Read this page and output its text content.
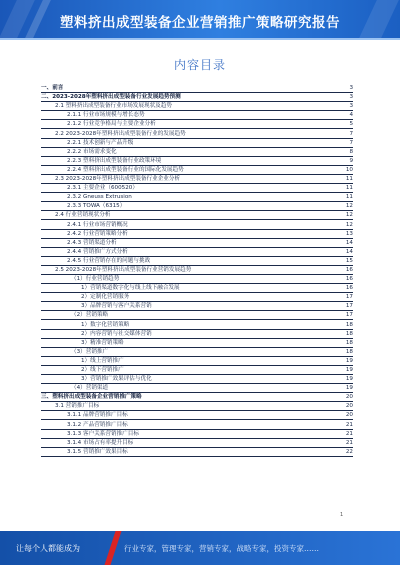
塑料挤出成型装备企业营销推广策略研究报告
内容目录
一、前言	3
二、2023-2028年塑料挤出成型装备行业发展趋势预测	3
2.1 塑料挤出成型装备行业市场发展现状及趋势	3
2.1.1 行业市场规模与增长态势	4
2.1.2 行业竞争格局与主要企业分析	5
2.2 2023-2028年塑料挤出成型装备行业的发展趋势	7
2.2.1 技术创新与产品升级	7
2.2.2 市场需求变化	8
2.2.3 塑料挤出成型装备行业政策环境	9
2.2.4 塑料挤出成型装备行业的国际化发展趋势	10
2.3 2023-2028年塑料挤出成型装备行业企业分析	11
2.3.1 主要企业（600520）	11
2.3.2 Gneuss Extrusion	11
2.3.3 TOWA（6315）	12
2.4 行业营销现状分析	12
2.4.1 行业市场营销概况	12
2.4.2 行业营销策略分析	13
2.4.3 营销渠道分析	14
2.4.4 营销推广方式分析	14
2.4.5 行业营销存在的问题与挑战	15
2.5 2023-2028年塑料挤出成型装备行业营销发展趋势	16
（1）行业营销趋势	16
1）营销渠道数字化与线上线下融合发展	16
2）定制化营销服务	17
3）品牌营销与客户关系营销	17
（2）营销策略	17
1）数字化营销策略	18
2）内容营销与社交媒体营销	18
3）精准营销策略	18
（3）营销推广	18
1）线上营销推广	19
2）线下营销推广	19
3）营销推广效果评估与优化	19
（4）营销渠道	19
三、塑料挤出成型装备企业营销推广策略	20
3.1 营销推广目标	20
3.1.1 品牌营销推广目标	20
3.1.2 产品营销推广目标	21
3.1.3 客户关系营销推广目标	21
3.1.4 市场占有率提升目标	21
3.1.5 营销推广效果目标	22
1
让每个人都能成为	行业专家，管理专家，营销专家，战略专家，投资专家……
